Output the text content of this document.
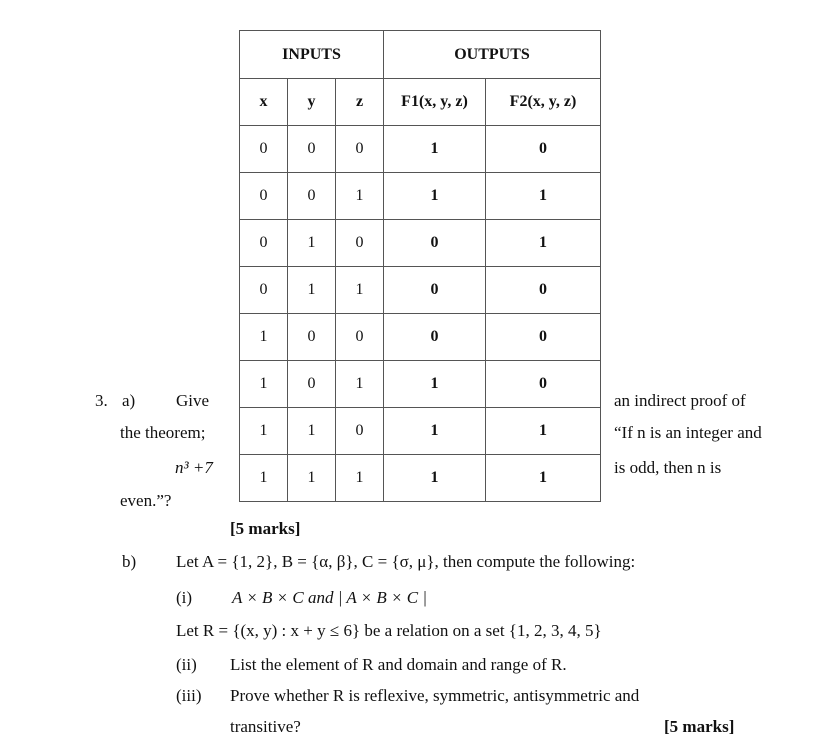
INPUTS			OUTPUTS	
x	y	z	F1(x, y, z)	F2(x, y, z)
0	0	0	1	0
0	0	1	1	1
0	1	0	0	1
0	1	1	0	0
1	0	0	0	0
1	0	1	1	0
1	1	0	1	1
1	1	1	1	1
3. a) Give	an indirect proof of
the theorem;	“If n is an integer and
n³ +7	is odd, then n is
even.”?
[5 marks]
b) Let A = {1, 2}, B = {α, β}, C = {σ, μ}, then compute the following:
(i) A × B × C and | A × B × C |
Let R = {(x, y) : x + y ≤ 6} be a relation on a set {1, 2, 3, 4, 5}
(ii) List the element of R and domain and range of R.
(iii) Prove whether R is reflexive, symmetric, antisymmetric and
transitive?	[5 marks]
